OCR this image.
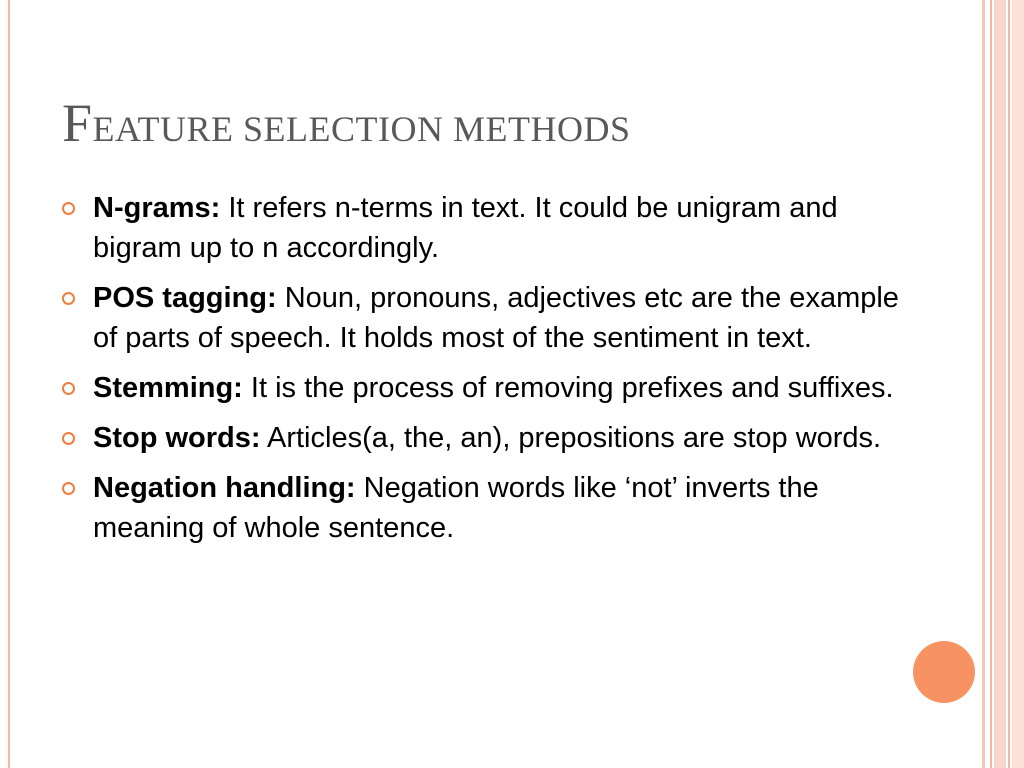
FEATURE SELECTION METHODS
N-grams: It refers n-terms in text. It could be unigram and bigram up to n accordingly.
POS tagging: Noun, pronouns, adjectives etc are the example of parts of speech. It holds most of the sentiment in text.
Stemming: It is the process of removing prefixes and suffixes.
Stop words: Articles(a, the, an), prepositions are stop words.
Negation handling: Negation words like ‘not’ inverts the meaning of whole sentence.
